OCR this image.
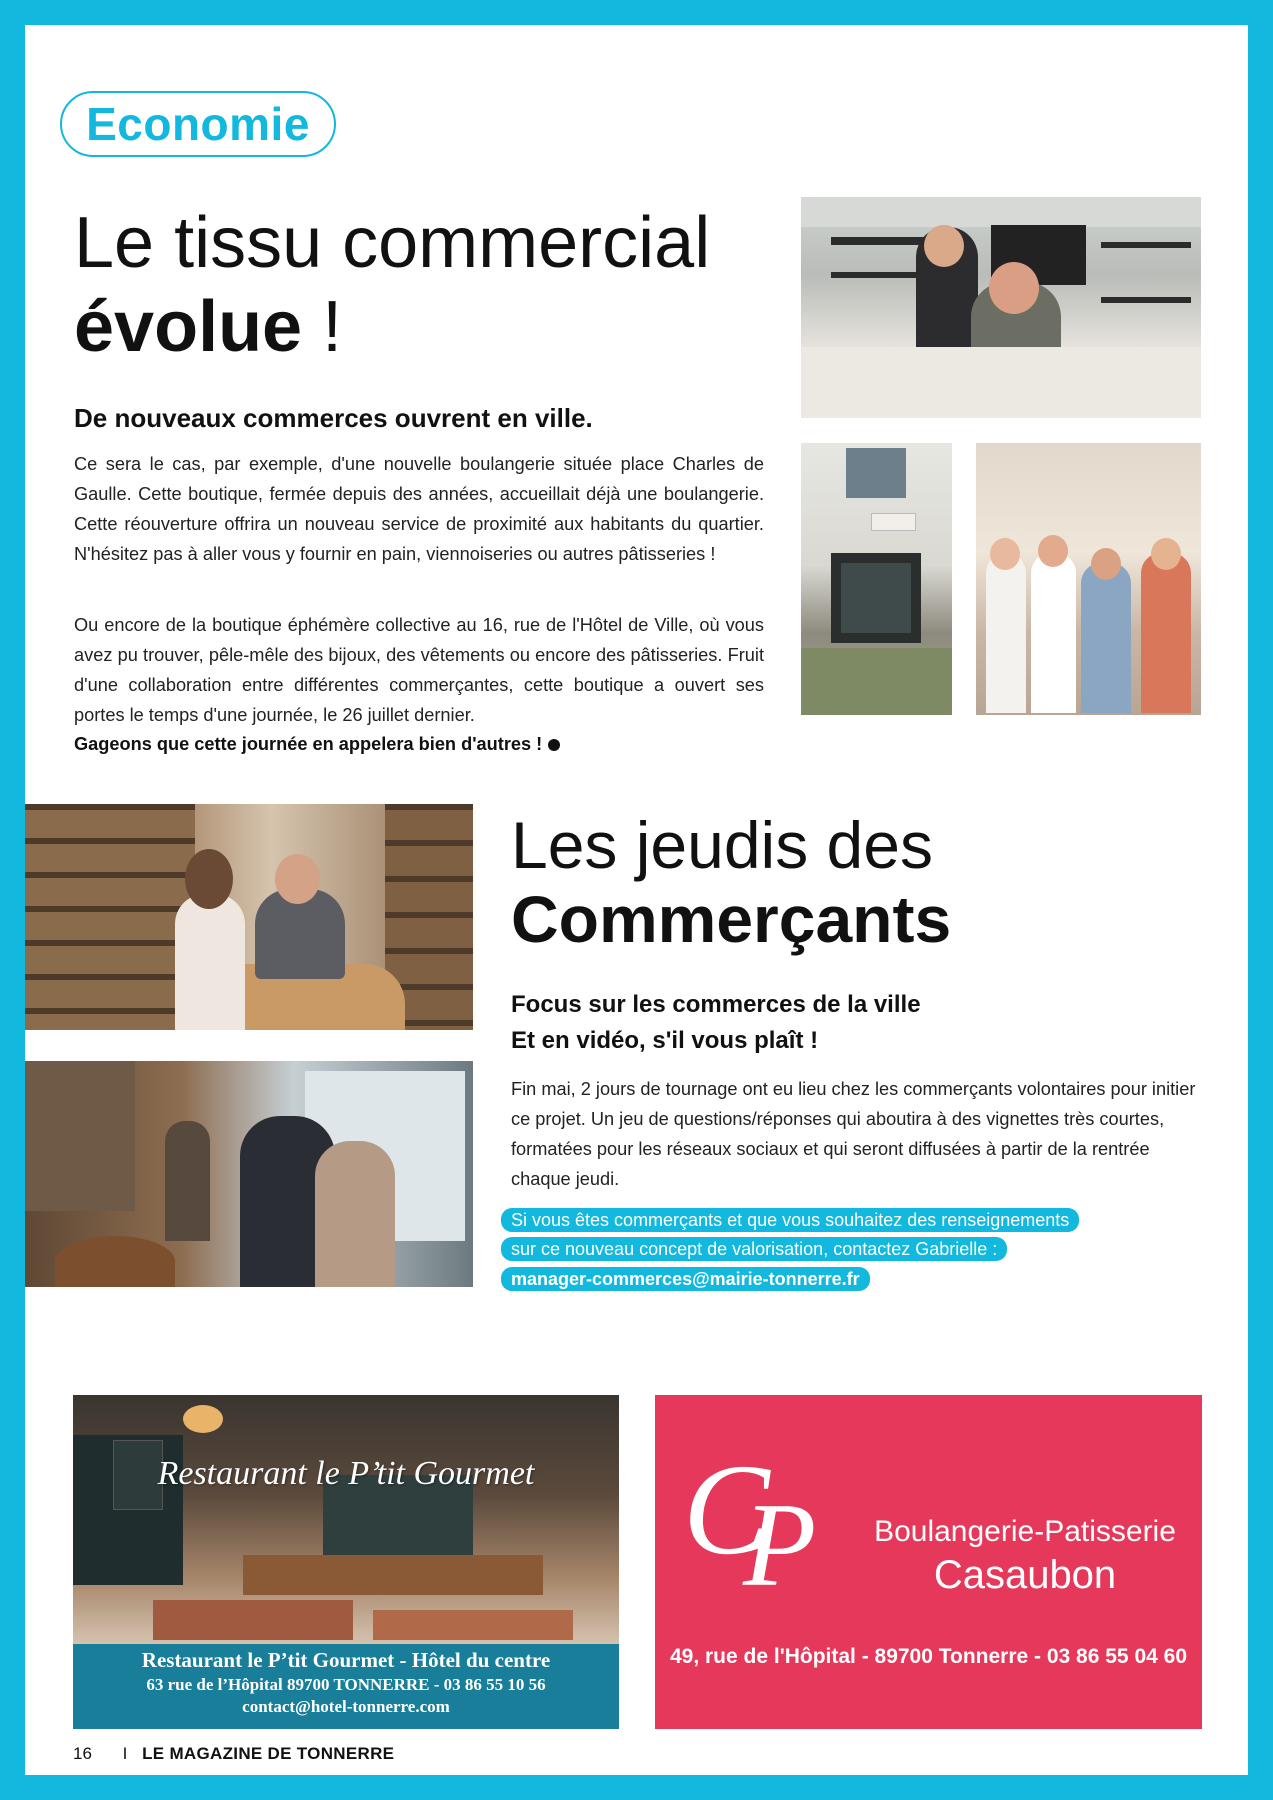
Economie
Le tissu commercial
évolue !
De nouveaux commerces ouvrent en ville.

Ce sera le cas, par exemple, d'une nouvelle boulangerie située place Charles de Gaulle. Cette boutique, fermée depuis des années, accueillait déjà une boulangerie. Cette réouverture offrira un nouveau service de proximité aux habitants du quartier. N'hésitez pas à aller vous y fournir en pain, viennoiseries ou autres pâtisseries !

Ou encore de la boutique éphémère collective au 16, rue de l'Hôtel de Ville, où vous avez pu trouver, pêle-mêle des bijoux, des vêtements ou encore des pâtisseries. Fruit d'une collaboration entre différentes commerçantes, cette boutique a ouvert ses portes le temps d'une journée, le 26 juillet dernier.

Gageons que cette journée en appelera bien d'autres !
Les jeudis des
Commerçants
Focus sur les commerces de la ville
Et en vidéo, s'il vous plaît !

Fin mai, 2 jours de tournage ont eu lieu chez les commerçants volontaires pour initier ce projet. Un jeu de questions/réponses qui aboutira à des vignettes très courtes, formatées pour les réseaux sociaux et qui seront diffusées à partir de la rentrée chaque jeudi.

Si vous êtes commerçants et que vous souhaitez des renseignements
sur ce nouveau concept de valorisation, contactez Gabrielle :
manager-commerces@mairie-tonnerre.fr
Restaurant le P’tit Gourmet
Restaurant le P’tit Gourmet - Hôtel du centre
63 rue de l’Hôpital 89700 TONNERRE - 03 86 55 10 56
contact@hotel-tonnerre.com
C
P	Boulangerie-Patisserie
Casaubon
49, rue de l'Hôpital - 89700 Tonnerre - 03 86 55 04 60
16 I LE MAGAZINE DE TONNERRE
